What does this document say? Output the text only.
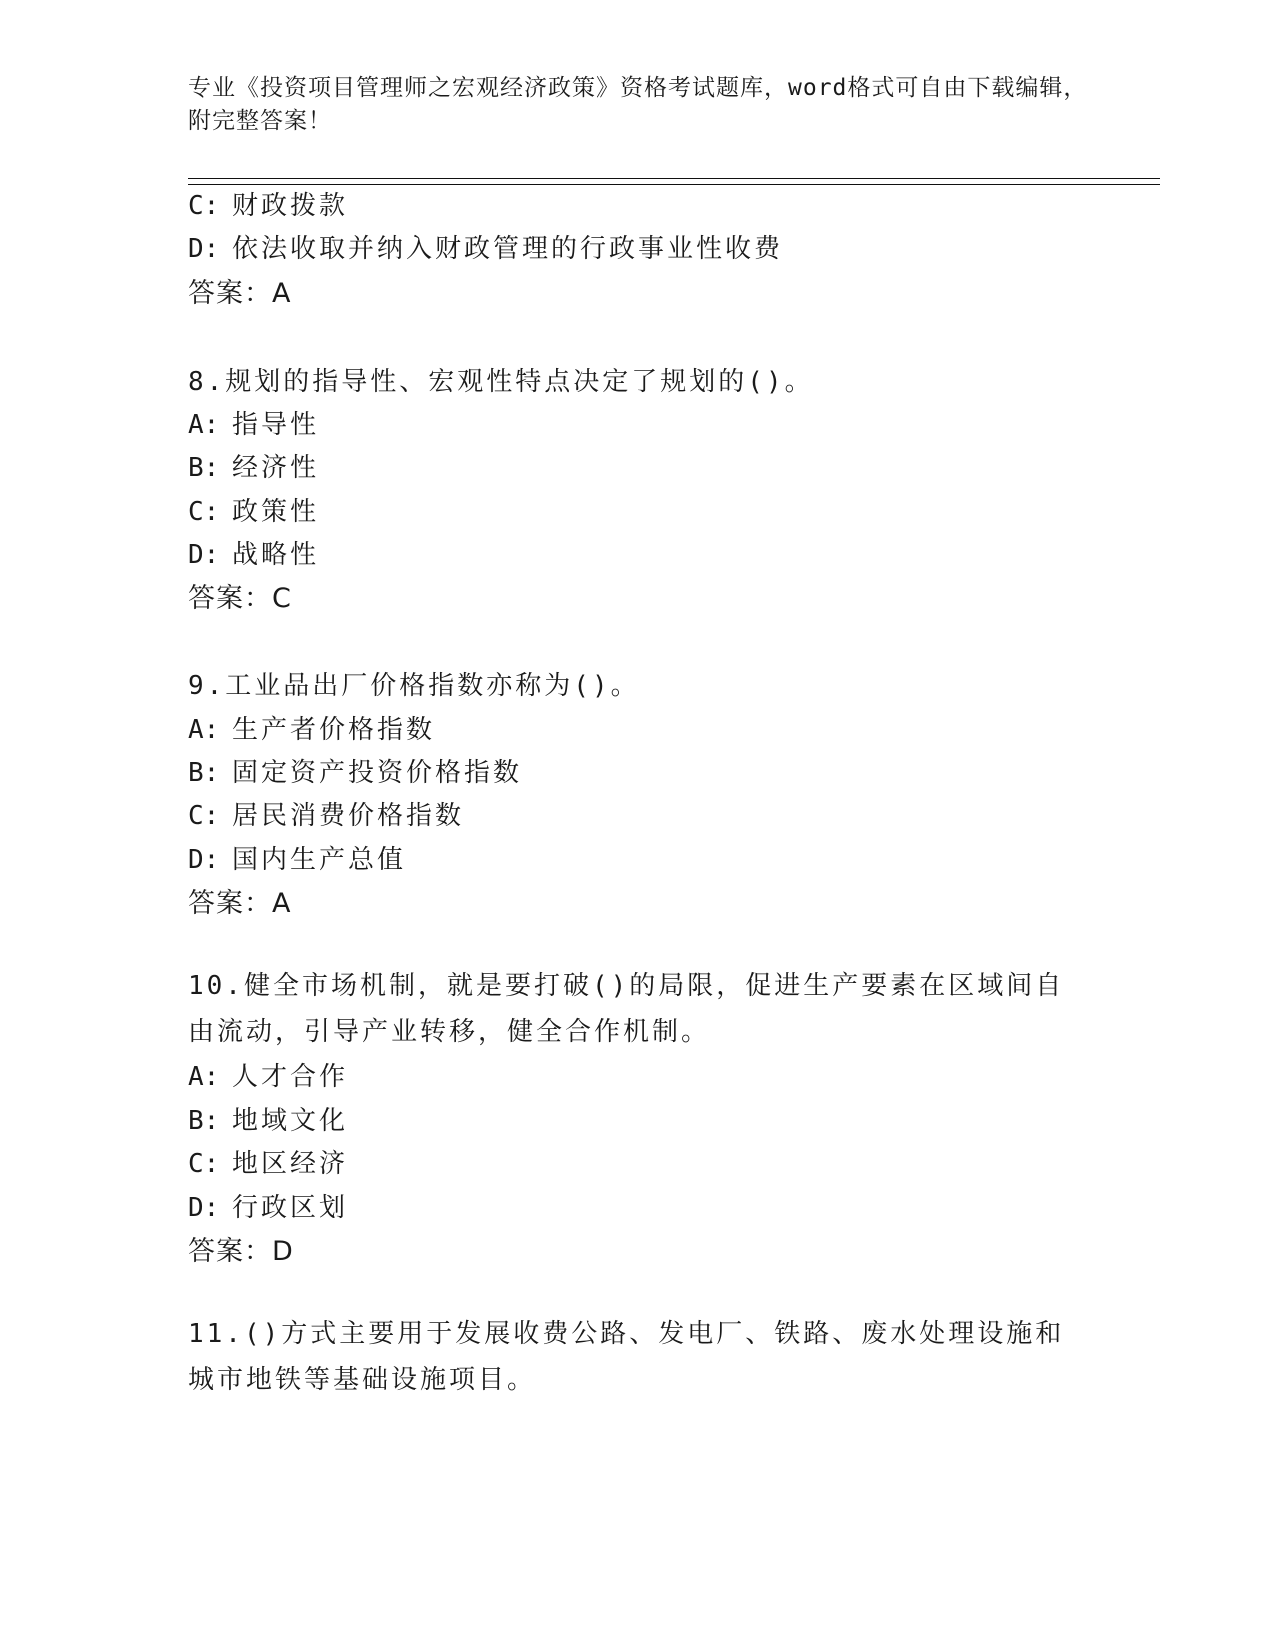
专业《投资项目管理师之宏观经济政策》资格考试题库，word格式可自由下载编辑，附完整答案！
C: 财政拨款
D: 依法收取并纳入财政管理的行政事业性收费
答案：A
8.规划的指导性、宏观性特点决定了规划的()。
A: 指导性
B: 经济性
C: 政策性
D: 战略性
答案：C
9.工业品出厂价格指数亦称为()。
A: 生产者价格指数
B: 固定资产投资价格指数
C: 居民消费价格指数
D: 国内生产总值
答案：A
10.健全市场机制，就是要打破()的局限，促进生产要素在区域间自由流动，引导产业转移，健全合作机制。
A: 人才合作
B: 地域文化
C: 地区经济
D: 行政区划
答案：D
11.()方式主要用于发展收费公路、发电厂、铁路、废水处理设施和城市地铁等基础设施项目。
